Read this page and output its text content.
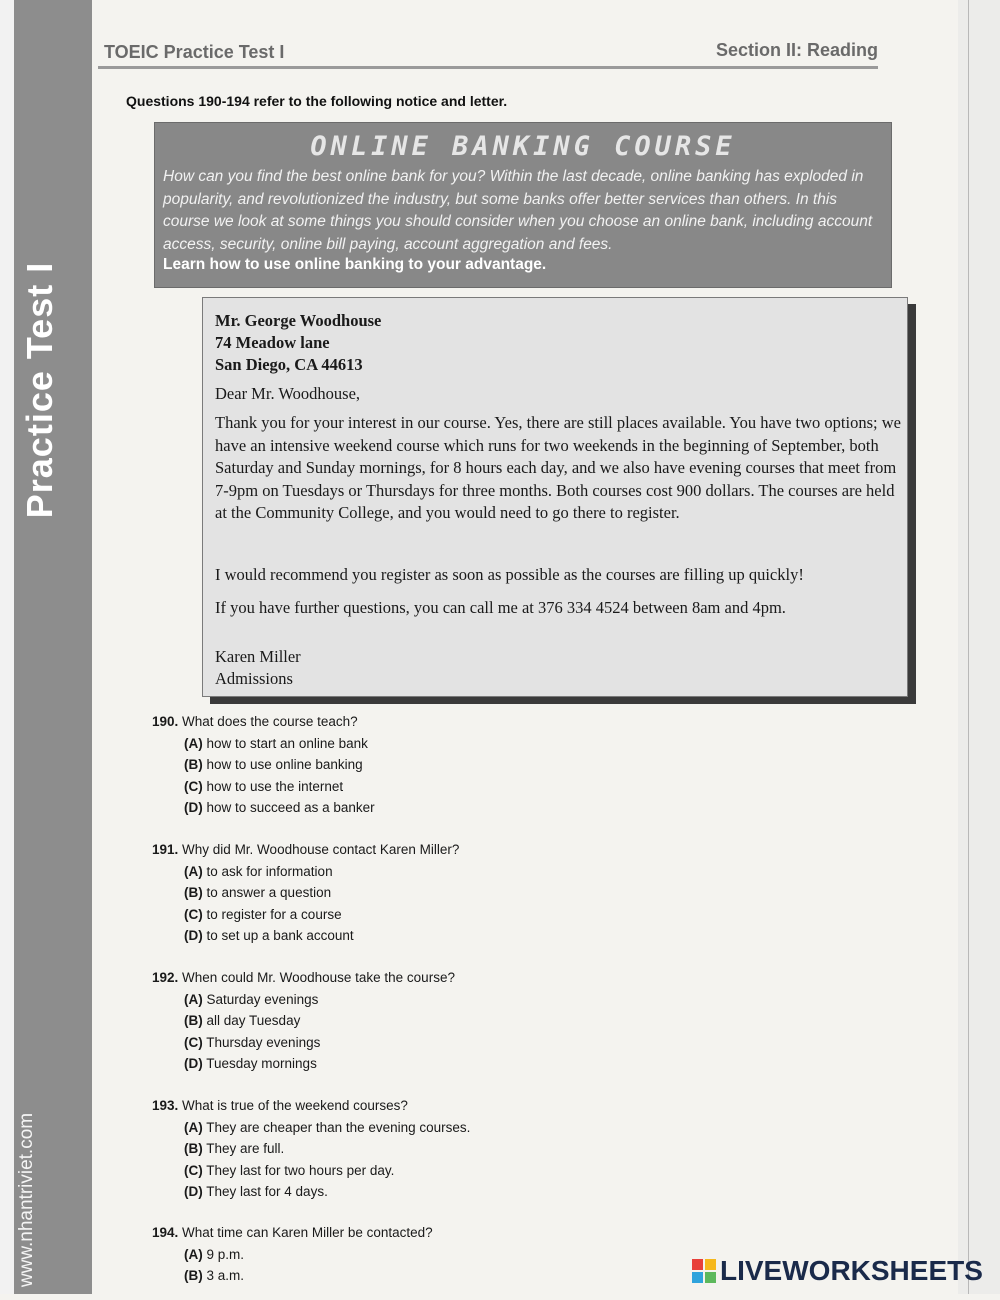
Practice Test I
www.nhantriviet.com
TOEIC Practice Test I	Section II: Reading
Questions 190-194 refer to the following notice and letter.
ONLINE BANKING COURSE
How can you find the best online bank for you? Within the last decade, online banking has exploded in popularity, and revolutionized the industry, but some banks offer better services than others. In this course we look at some things you should consider when you choose an online bank, including account access, security, online bill paying, account aggregation and fees.
Learn how to use online banking to your advantage.
Mr. George Woodhouse
74 Meadow lane
San Diego, CA 44613
Dear Mr. Woodhouse,
Thank you for your interest in our course. Yes, there are still places available. You have two options; we have an intensive weekend course which runs for two weekends in the beginning of September, both Saturday and Sunday mornings, for 8 hours each day, and we also have evening courses that meet from 7-9pm on Tuesdays or Thursdays for three months. Both courses cost 900 dollars. The courses are held at the Community College, and you would need to go there to register.
I would recommend you register as soon as possible as the courses are filling up quickly!
If you have further questions, you can call me at 376 334 4524 between 8am and 4pm.
Karen Miller
Admissions
190. What does the course teach?
(A) how to start an online bank
(B) how to use online banking
(C) how to use the internet
(D) how to succeed as a banker
191. Why did Mr. Woodhouse contact Karen Miller?
(A) to ask for information
(B) to answer a question
(C) to register for a course
(D) to set up a bank account
192. When could Mr. Woodhouse take the course?
(A) Saturday evenings
(B) all day Tuesday
(C) Thursday evenings
(D) Tuesday mornings
193. What is true of the weekend courses?
(A) They are cheaper than the evening courses.
(B) They are full.
(C) They last for two hours per day.
(D) They last for 4 days.
194. What time can Karen Miller be contacted?
(A) 9 p.m.
(B) 3 a.m.	LIVEWORKSHEETS
